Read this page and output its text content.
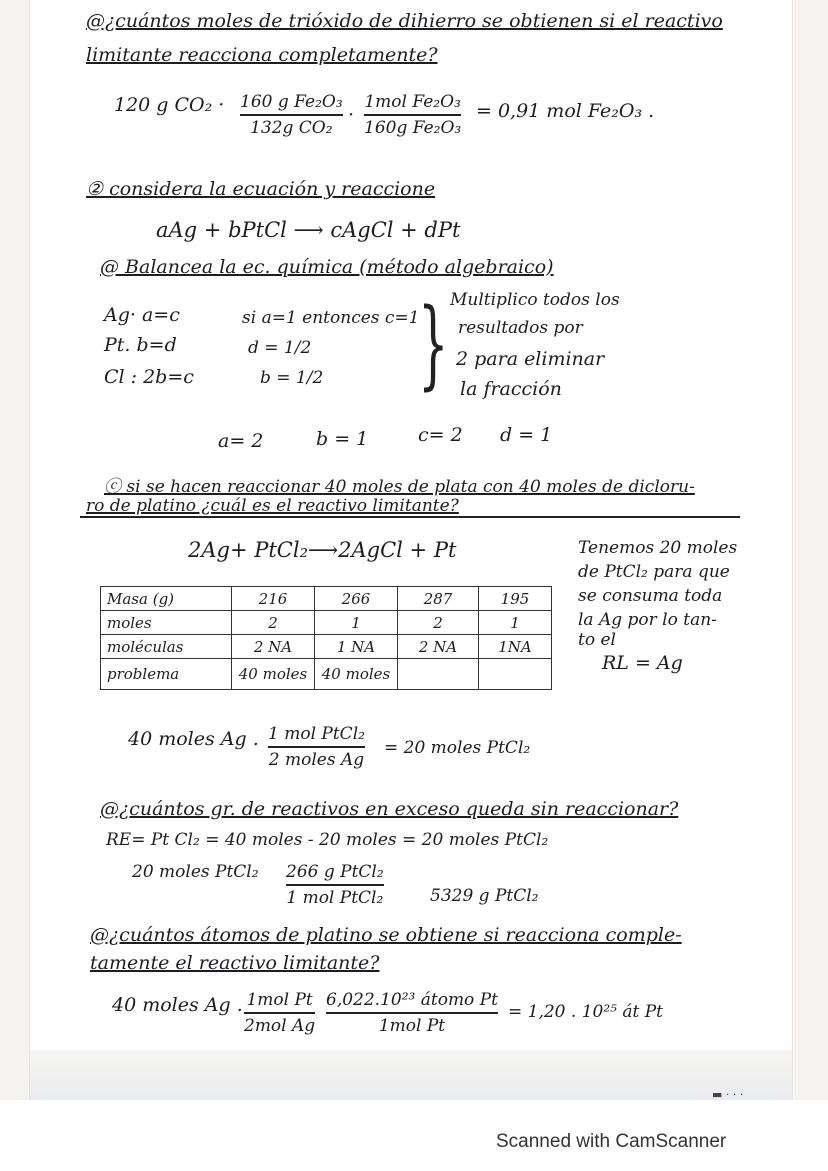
@¿cuántos moles de trióxido de dihierro se obtienen si el reactivo
limitante reacciona completamente?
120 g CO₂ · 160 g Fe₂O₃
132g CO₂
·
1mol Fe₂O₃
160g Fe₂O₃
= 0,91 mol Fe₂O₃ .
② considera la ecuación y reaccione
aAg + bPtCl ⟶ cAgCl + dPt
@ Balancea la ec. química (método algebraico)
Ag· a=c
Pt. b=d
Cl : 2b=c
si a=1 entonces c=1
d = 1/2
b = 1/2 } Multiplico todos los
resultados por
2 para eliminar
la fracción
a= 2	b = 1	c= 2 d = 1
ⓒ si se hacen reaccionar 40 moles de plata con 40 moles de dicloru-
ro de platino ¿cuál es el reactivo limitante?
2Ag+ PtCl₂⟶2AgCl + Pt	Tenemos 20 moles
de PtCl₂ para que
se consuma toda
la Ag por lo tan-
to el
RL = Ag
Masa (g)	216	266	287	195
moles	2	1	2	1
moléculas	2 NA	1 NA	2 NA	1NA
problema	40 moles	40 moles		
40 moles Ag . 1 mol PtCl₂
2 moles Ag
= 20 moles PtCl₂
@¿cuántos gr. de reactivos en exceso queda sin reaccionar?
RE= Pt Cl₂ = 40 moles - 20 moles = 20 moles PtCl₂
20 moles PtCl₂ 266 g PtCl₂
1 mol PtCl₂	5329 g PtCl₂
@¿cuántos átomos de platino se obtiene si reacciona comple-
tamente el reactivo limitante?
40 moles Ag . 1mol Pt
2mol Ag
6,022.10²³ átomo Pt
1mol Pt
= 1,20 . 10²⁵ át Pt
▬ · · ·
Scanned with CamScanner
